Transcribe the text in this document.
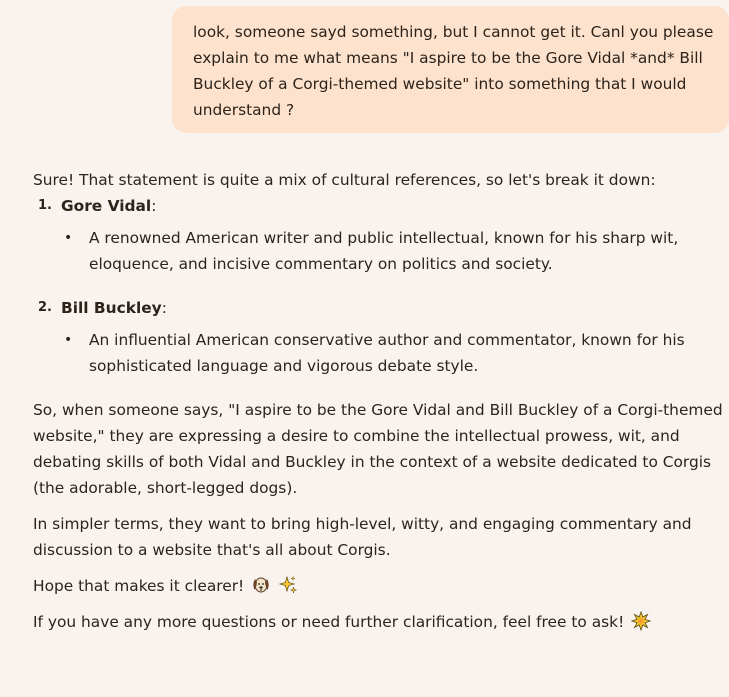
look, someone sayd something, but I cannot get it. Canl you please explain to me what means "I aspire to be the Gore Vidal *and* Bill Buckley of a Corgi-themed website" into something that I would understand ?

Sure! That statement is quite a mix of cultural references, so let's break it down:

1. Gore Vidal:
• A renowned American writer and public intellectual, known for his sharp wit, eloquence, and incisive commentary on politics and society.
2. Bill Buckley:
• An influential American conservative author and commentator, known for his sophisticated language and vigorous debate style.

So, when someone says, "I aspire to be the Gore Vidal and Bill Buckley of a Corgi-themed website," they are expressing a desire to combine the intellectual prowess, wit, and debating skills of both Vidal and Buckley in the context of a website dedicated to Corgis (the adorable, short-legged dogs).

In simpler terms, they want to bring high-level, witty, and engaging commentary and discussion to a website that's all about Corgis.

Hope that makes it clearer!

If you have any more questions or need further clarification, feel free to ask!
